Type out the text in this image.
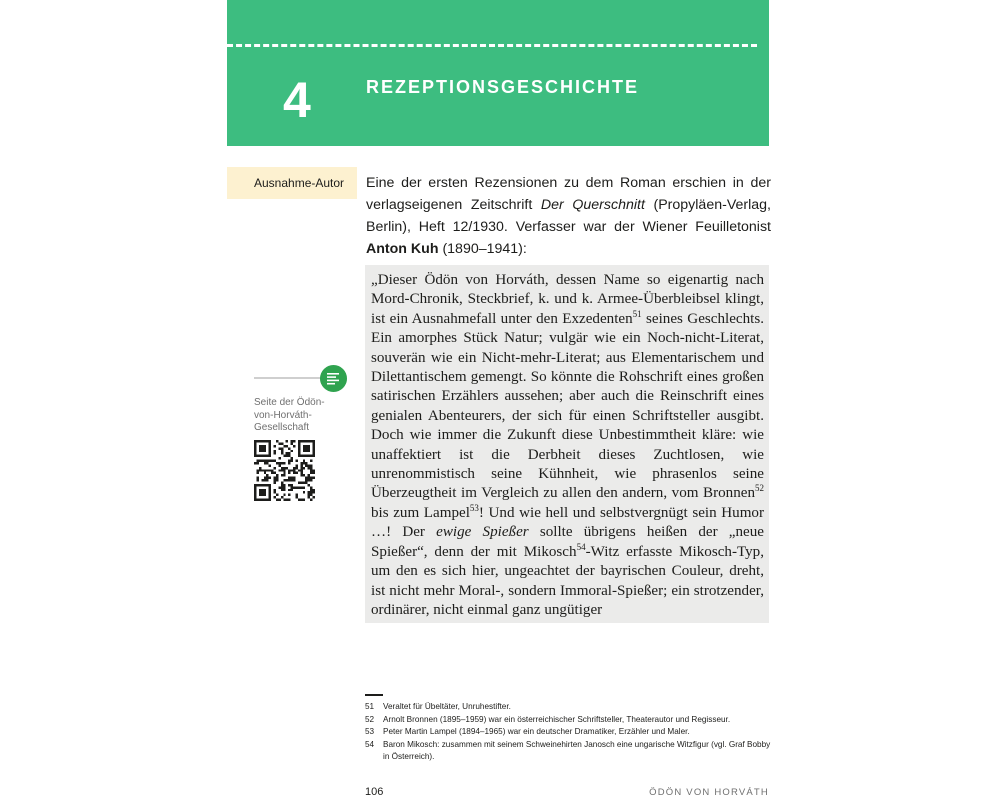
4	REZEPTIONSGESCHICHTE
Ausnahme-Autor	Eine der ersten Rezensionen zu dem Roman erschien in der verlagseigenen Zeitschrift Der Querschnitt (Propyläen-Verlag, Berlin), Heft 12/1930. Verfasser war der Wiener Feuilletonist Anton Kuh (1890–1941):
„Dieser Ödön von Horváth, dessen Name so eigenartig nach Mord-Chronik, Steckbrief, k. und k. Armee-Überbleibsel klingt, ist ein Ausnahmefall unter den Exzedenten$^{51}$ seines Geschlechts. Ein amorphes Stück Natur; vulgär wie ein Noch-nicht-Literat, souverän wie ein Nicht-mehr-Literat; aus Elementarischem und Dilettantischem gemengt. So könnte die Rohschrift eines großen satirischen Erzählers aussehen; aber auch die Reinschrift eines genialen Abenteurers, der sich für einen Schriftsteller ausgibt. Doch wie immer die Zukunft diese Unbestimmtheit kläre: wie unaffektiert ist die Derbheit dieses Zuchtlosen, wie unrenommistisch seine Kühnheit, wie phrasenlos seine Überzeugtheit im Vergleich zu allen den andern, vom Bronnen$^{52}$ bis zum Lampel$^{53}$! Und wie hell und selbstvergnügt sein Humor …! Der ewige Spießer sollte übrigens heißen der „neue Spießer“, denn der mit Mikosch$^{54}$-Witz erfasste Mikosch-Typ, um den es sich hier, ungeachtet der bayrischen Couleur, dreht, ist nicht mehr Moral-, sondern Immoral-Spießer; ein strotzender, ordinärer, nicht einmal ganz ungütiger
Seite der Ödön-
von-Horváth-
Gesellschaft
51	Veraltet für Übeltäter, Unruhestifter.
52	Arnolt Bronnen (1895–1959) war ein österreichischer Schriftsteller, Theaterautor und Regisseur.
53	Peter Martin Lampel (1894–1965) war ein deutscher Dramatiker, Erzähler und Maler.
54	Baron Mikosch: zusammen mit seinem Schweinehirten Janosch eine ungarische Witzfigur (vgl. Graf Bobby in Österreich).
106	ÖDÖN VON HORVÁTH
